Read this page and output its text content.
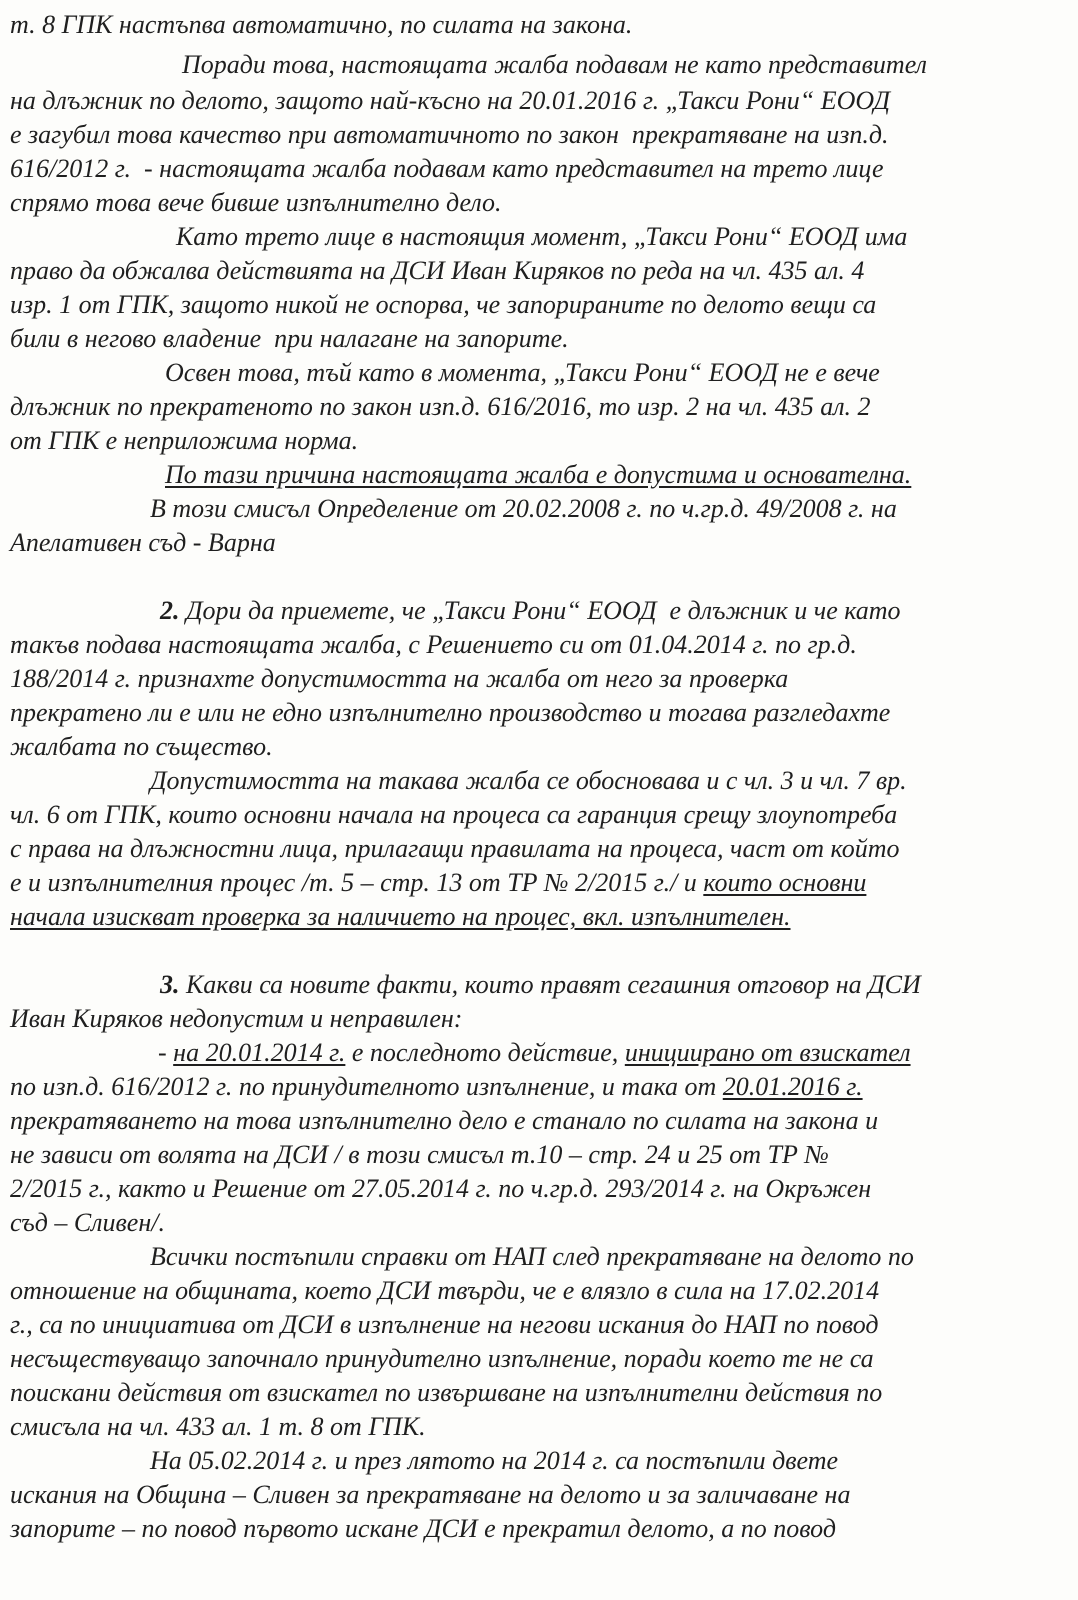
т. 8 ГПК настъпва автоматично, по силата на закона.
Поради това, настоящата жалба подавам не като представител
на длъжник по делото, защото най-късно на 20.01.2016 г. „Такси Рони“ ЕООД
е загубил това качество при автоматичното по закон  прекратяване на изп.д.
616/2012 г.  - настоящата жалба подавам като представител на трето лице
спрямо това вече бивше изпълнително дело.
Като трето лице в настоящия момент, „Такси Рони“ ЕООД има
право да обжалва действията на ДСИ Иван Киряков по реда на чл. 435 ал. 4
изр. 1 от ГПК, защото никой не оспорва, че запорираните по делото вещи са
били в негово владение  при налагане на запорите.
Освен това, тъй като в момента, „Такси Рони“ ЕООД не е вече
длъжник по прекратеното по закон изп.д. 616/2016, то изр. 2 на чл. 435 ал. 2
от ГПК е неприложима норма.
По тази причина настоящата жалба е допустима и основателна.
В този смисъл Определение от 20.02.2008 г. по ч.гр.д. 49/2008 г. на
Апелативен съд - Варна
2. Дори да приемете, че „Такси Рони“ ЕООД  е длъжник и че като
такъв подава настоящата жалба, с Решението си от 01.04.2014 г. по гр.д.
188/2014 г. признахте допустимостта на жалба от него за проверка
прекратено ли е или не едно изпълнително производство и тогава разгледахте
жалбата по същество.
Допустимостта на такава жалба се обосновава и с чл. 3 и чл. 7 вр.
чл. 6 от ГПК, които основни начала на процеса са гаранция срещу злоупотреба
с права на длъжностни лица, прилагащи правилата на процеса, част от който
е и изпълнителния процес /т. 5 – стр. 13 от ТР № 2/2015 г./ и които основни
начала изискват проверка за наличието на процес, вкл. изпълнителен.
3. Какви са новите факти, които правят сегашния отговор на ДСИ
Иван Киряков недопустим и неправилен:
- на 20.01.2014 г. е последното действие, инициирано от взискател
по изп.д. 616/2012 г. по принудителното изпълнение, и така от 20.01.2016 г.
прекратяването на това изпълнително дело е станало по силата на закона и
не зависи от волята на ДСИ / в този смисъл т.10 – стр. 24 и 25 от ТР №
2/2015 г., както и Решение от 27.05.2014 г. по ч.гр.д. 293/2014 г. на Окръжен
съд – Сливен/.
Всички постъпили справки от НАП след прекратяване на делото по
отношение на общината, което ДСИ твърди, че е влязло в сила на 17.02.2014
г., са по инициатива от ДСИ в изпълнение на негови искания до НАП по повод
несъществуващо започнало принудително изпълнение, поради което те не са
поискани действия от взискател по извършване на изпълнителни действия по
смисъла на чл. 433 ал. 1 т. 8 от ГПК.
На 05.02.2014 г. и през лятото на 2014 г. са постъпили двете
искания на Община – Сливен за прекратяване на делото и за заличаване на
запорите – по повод първото искане ДСИ е прекратил делото, а по повод
